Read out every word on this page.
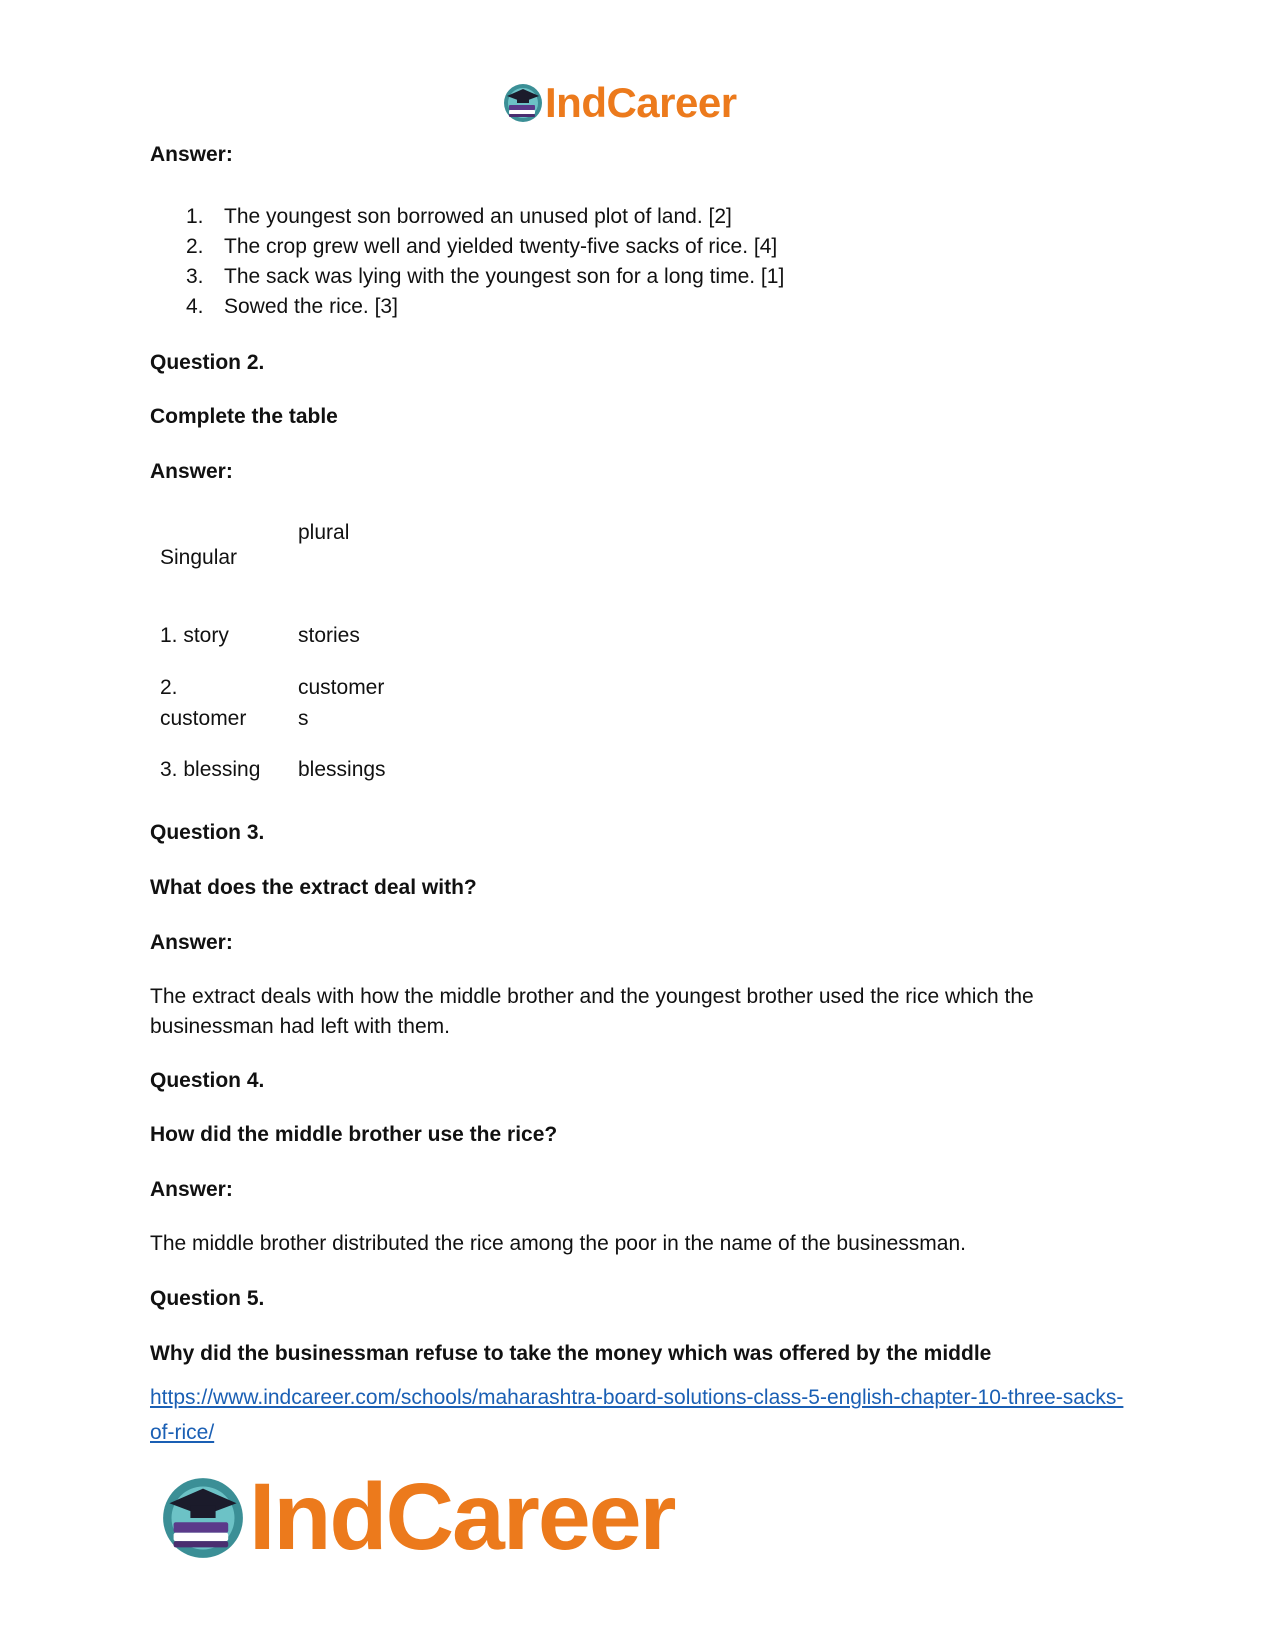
IndCareer

Answer:

1. The youngest son borrowed an unused plot of land. [2]
2. The crop grew well and yielded twenty-five sacks of rice. [4]
3. The sack was lying with the youngest son for a long time. [1]
4. Sowed the rice. [3]

Question 2.

Complete the table

Answer:

Singular
plural
1. story	stories
2.
customer
customer
s
3. blessing blessings

Question 3.

What does the extract deal with?

Answer:

The extract deals with how the middle brother and the youngest brother used the rice which the businessman had left with them.

Question 4.

How did the middle brother use the rice?

Answer:

The middle brother distributed the rice among the poor in the name of the businessman.

Question 5.

Why did the businessman refuse to take the money which was offered by the middle

https://www.indcareer.com/schools/maharashtra-board-solutions-class-5-english-chapter-10-three-sacks-of-rice/
IndCareer
